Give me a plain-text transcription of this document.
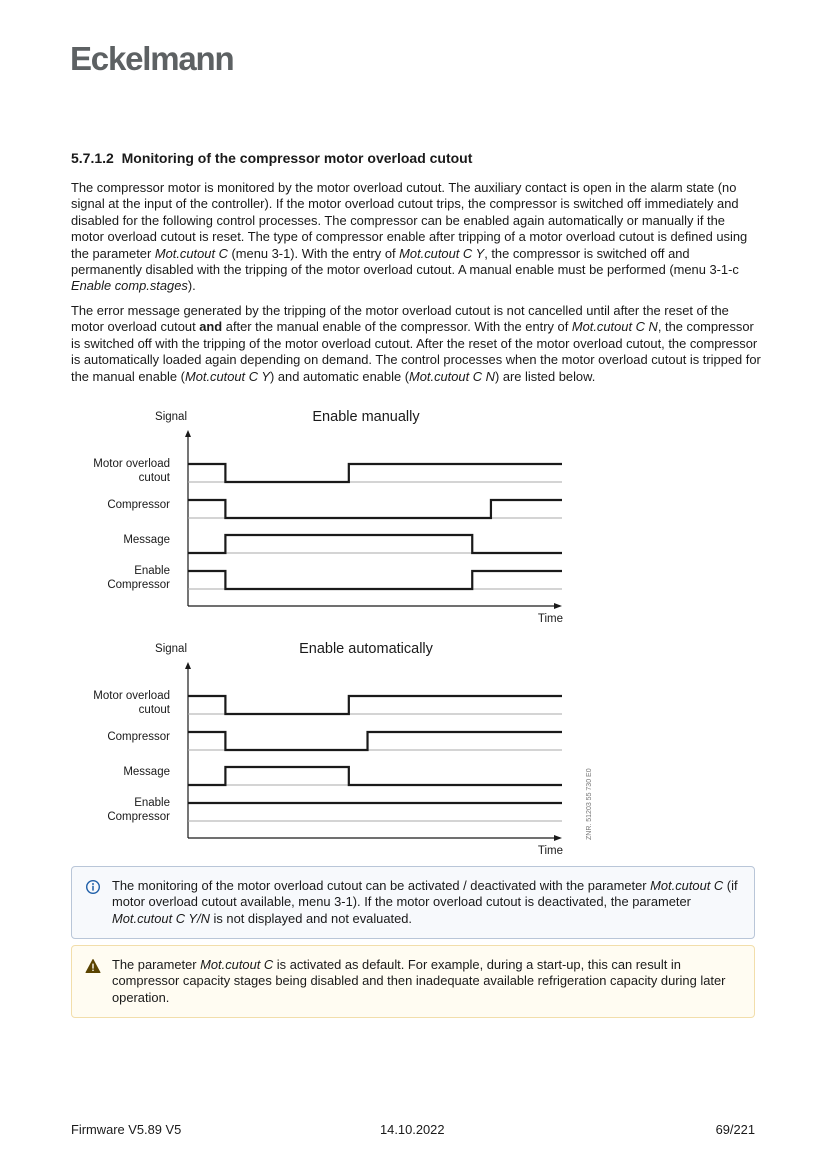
Eckelmann
5.7.1.2 Monitoring of the compressor motor overload cutout
The compressor motor is monitored by the motor overload cutout. The auxiliary contact is open in the alarm state (no signal at the input of the controller). If the motor overload cutout trips, the compressor is switched off immediately and disabled for the following control processes. The compressor can be enabled again automatically or manually if the motor overload cutout is reset. The type of compressor enable after tripping of a motor overload cutout is defined using the parameter Mot.cutout C (menu 3-1). With the entry of Mot.cutout C Y, the compressor is switched off and permanently disabled with the tripping of the motor overload cutout. A manual enable must be performed (menu 3-1-c Enable comp.stages).
The error message generated by the tripping of the motor overload cutout is not cancelled until after the reset of the motor overload cutout and after the manual enable of the compressor. With the entry of Mot.cutout C N, the compressor is switched off with the tripping of the motor overload cutout. After the reset of the motor overload cutout, the compressor is automatically loaded again depending on demand. The control processes when the motor overload cutout is tripped for the manual enable (Mot.cutout C Y) and automatic enable (Mot.cutout C N) are listed below.
Enable manually
Signal
Time
Motor overload
cutout
Compressor
Message
Enable
Compressor
Enable automatically
Signal
Time
Motor overload
cutout
Compressor
Message
Enable
Compressor	ZNR. 51203 55 730 E0
The monitoring of the motor overload cutout can be activated / deactivated with the parameter Mot.cutout C (if motor overload cutout available, menu 3-1). If the motor overload cutout is deactivated, the parameter Mot.cutout C Y/N is not displayed and not evaluated.
The parameter Mot.cutout C is activated as default. For example, during a start-up, this can result in compressor capacity stages being disabled and then inadequate available refrigeration capacity during later operation.
Firmware V5.89 V5	14.10.2022	69/221
